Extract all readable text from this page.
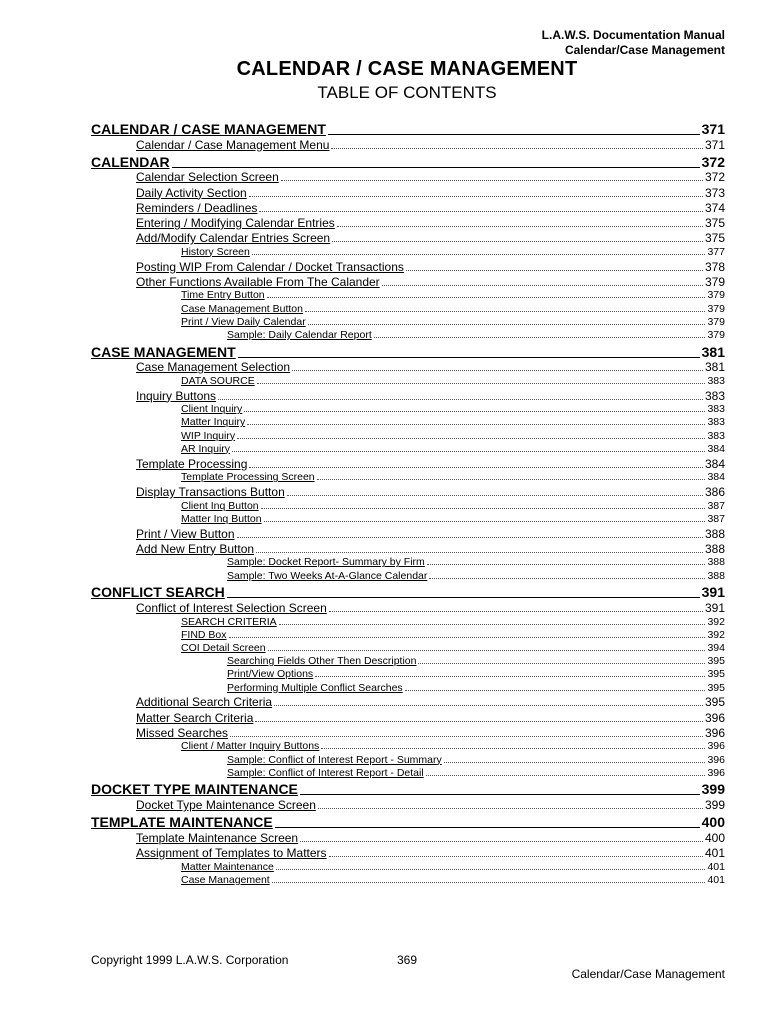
L.A.W.S. Documentation Manual
Calendar/Case Management
CALENDAR / CASE MANAGEMENT
TABLE OF CONTENTS
CALENDAR / CASE MANAGEMENT	371
Calendar / Case Management Menu	371
CALENDAR	372
Calendar Selection Screen	372
Daily Activity Section	373
Reminders / Deadlines	374
Entering / Modifying Calendar Entries	375
Add/Modify Calendar Entries Screen	375
History Screen	377
Posting WIP From Calendar / Docket Transactions	378
Other Functions Available From The Calander	379
Time Entry Button	379
Case Management Button	379
Print / View Daily Calendar	379
Sample: Daily Calendar Report	379
CASE MANAGEMENT	381
Case Management Selection	381
DATA SOURCE	383
Inquiry Buttons	383
Client Inquiry	383
Matter Inquiry	383
WIP Inquiry	383
AR Inquiry	384
Template Processing	384
Template Processing Screen	384
Display Transactions Button	386
Client Inq Button	387
Matter Inq Button	387
Print / View Button	388
Add New Entry Button	388
Sample: Docket Report- Summary by Firm	388
Sample: Two Weeks At-A-Glance Calendar	388
CONFLICT SEARCH	391
Conflict of Interest Selection Screen	391
SEARCH CRITERIA	392
FIND Box	392
COI Detail Screen	394
Searching Fields Other Then Description	395
Print/View Options	395
Performing Multiple Conflict Searches	395
Additional Search Criteria	395
Matter Search Criteria	396
Missed Searches	396
Client / Matter Inquiry Buttons	396
Sample: Conflict of Interest Report - Summary	396
Sample: Conflict of Interest Report - Detail	396
DOCKET TYPE MAINTENANCE	399
Docket Type Maintenance Screen	399
TEMPLATE MAINTENANCE	400
Template Maintenance Screen	400
Assignment of Templates to Matters	401
Matter Maintenance	401
Case Management	401
Copyright 1999 L.A.W.S. Corporation	369
Calendar/Case Management
